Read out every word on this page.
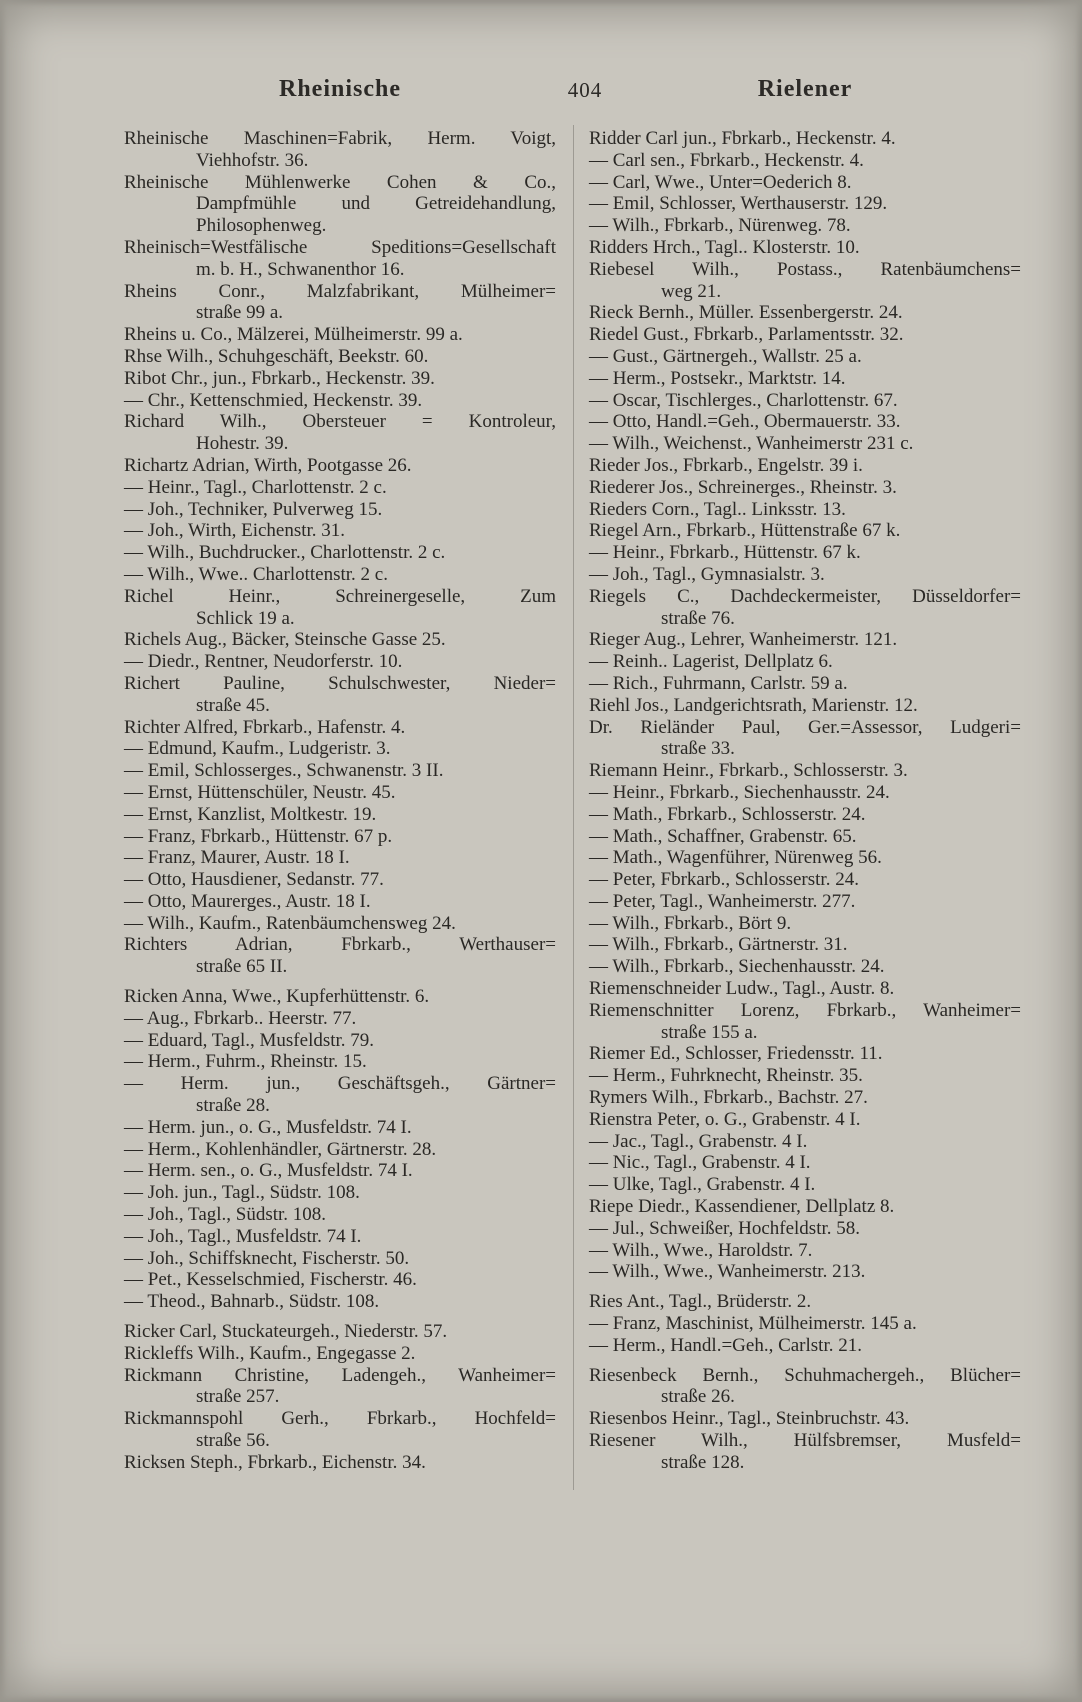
Rheinische	404	Rielener
Rheinische Maschinen=Fabrik, Herm. Voigt,
Viehhofstr. 36.
Rheinische Mühlenwerke Cohen & Co.,
Dampfmühle und Getreidehandlung,
Philosophenweg.
Rheinisch=Westfälische Speditions=Gesellschaft
m. b. H., Schwanenthor 16.
Rheins Conr., Malzfabrikant, Mülheimer=
straße 99 a.
Rheins u. Co., Mälzerei, Mülheimerstr. 99 a.
Rhse Wilh., Schuhgeschäft, Beekstr. 60.
Ribot Chr., jun., Fbrkarb., Heckenstr. 39.
— Chr., Kettenschmied, Heckenstr. 39.
Richard Wilh., Obersteuer = Kontroleur,
Hohestr. 39.
Richartz Adrian, Wirth, Pootgasse 26.
— Heinr., Tagl., Charlottenstr. 2 c.
— Joh., Techniker, Pulverweg 15.
— Joh., Wirth, Eichenstr. 31.
— Wilh., Buchdrucker., Charlottenstr. 2 c.
— Wilh., Wwe.. Charlottenstr. 2 c.
Richel Heinr., Schreinergeselle, Zum
Schlick 19 a.
Richels Aug., Bäcker, Steinsche Gasse 25.
— Diedr., Rentner, Neudorferstr. 10.
Richert Pauline, Schulschwester, Nieder=
straße 45.
Richter Alfred, Fbrkarb., Hafenstr. 4.
— Edmund, Kaufm., Ludgeristr. 3.
— Emil, Schlosserges., Schwanenstr. 3 II.
— Ernst, Hüttenschüler, Neustr. 45.
— Ernst, Kanzlist, Moltkestr. 19.
— Franz, Fbrkarb., Hüttenstr. 67 p.
— Franz, Maurer, Austr. 18 I.
— Otto, Hausdiener, Sedanstr. 77.
— Otto, Maurerges., Austr. 18 I.
— Wilh., Kaufm., Ratenbäumchensweg 24.
Richters Adrian, Fbrkarb., Werthauser=
straße 65 II.
Ricken Anna, Wwe., Kupferhüttenstr. 6.
— Aug., Fbrkarb.. Heerstr. 77.
— Eduard, Tagl., Musfeldstr. 79.
— Herm., Fuhrm., Rheinstr. 15.
— Herm. jun., Geschäftsgeh., Gärtner=
straße 28.
— Herm. jun., o. G., Musfeldstr. 74 I.
— Herm., Kohlenhändler, Gärtnerstr. 28.
— Herm. sen., o. G., Musfeldstr. 74 I.
— Joh. jun., Tagl., Südstr. 108.
— Joh., Tagl., Südstr. 108.
— Joh., Tagl., Musfeldstr. 74 I.
— Joh., Schiffsknecht, Fischerstr. 50.
— Pet., Kesselschmied, Fischerstr. 46.
— Theod., Bahnarb., Südstr. 108.
Ricker Carl, Stuckateurgeh., Niederstr. 57.
Rickleffs Wilh., Kaufm., Engegasse 2.
Rickmann Christine, Ladengeh., Wanheimer=
straße 257.
Rickmannspohl Gerh., Fbrkarb., Hochfeld=
straße 56.
Ricksen Steph., Fbrkarb., Eichenstr. 34.
Ridder Carl jun., Fbrkarb., Heckenstr. 4.
— Carl sen., Fbrkarb., Heckenstr. 4.
— Carl, Wwe., Unter=Oederich 8.
— Emil, Schlosser, Werthauserstr. 129.
— Wilh., Fbrkarb., Nürenweg. 78.
Ridders Hrch., Tagl.. Klosterstr. 10.
Riebesel Wilh., Postass., Ratenbäumchens=
weg 21.
Rieck Bernh., Müller. Essenbergerstr. 24.
Riedel Gust., Fbrkarb., Parlamentsstr. 32.
— Gust., Gärtnergeh., Wallstr. 25 a.
— Herm., Postsekr., Marktstr. 14.
— Oscar, Tischlerges., Charlottenstr. 67.
— Otto, Handl.=Geh., Obermauerstr. 33.
— Wilh., Weichenst., Wanheimerstr 231 c.
Rieder Jos., Fbrkarb., Engelstr. 39 i.
Riederer Jos., Schreinerges., Rheinstr. 3.
Rieders Corn., Tagl.. Linksstr. 13.
Riegel Arn., Fbrkarb., Hüttenstraße 67 k.
— Heinr., Fbrkarb., Hüttenstr. 67 k.
— Joh., Tagl., Gymnasialstr. 3.
Riegels C., Dachdeckermeister, Düsseldorfer=
straße 76.
Rieger Aug., Lehrer, Wanheimerstr. 121.
— Reinh.. Lagerist, Dellplatz 6.
— Rich., Fuhrmann, Carlstr. 59 a.
Riehl Jos., Landgerichtsrath, Marienstr. 12.
Dr. Rieländer Paul, Ger.=Assessor, Ludgeri=
straße 33.
Riemann Heinr., Fbrkarb., Schlosserstr. 3.
— Heinr., Fbrkarb., Siechenhausstr. 24.
— Math., Fbrkarb., Schlosserstr. 24.
— Math., Schaffner, Grabenstr. 65.
— Math., Wagenführer, Nürenweg 56.
— Peter, Fbrkarb., Schlosserstr. 24.
— Peter, Tagl., Wanheimerstr. 277.
— Wilh., Fbrkarb., Bört 9.
— Wilh., Fbrkarb., Gärtnerstr. 31.
— Wilh., Fbrkarb., Siechenhausstr. 24.
Riemenschneider Ludw., Tagl., Austr. 8.
Riemenschnitter Lorenz, Fbrkarb., Wanheimer=
straße 155 a.
Riemer Ed., Schlosser, Friedensstr. 11.
— Herm., Fuhrknecht, Rheinstr. 35.
Rymers Wilh., Fbrkarb., Bachstr. 27.
Rienstra Peter, o. G., Grabenstr. 4 I.
— Jac., Tagl., Grabenstr. 4 I.
— Nic., Tagl., Grabenstr. 4 I.
— Ulke, Tagl., Grabenstr. 4 I.
Riepe Diedr., Kassendiener, Dellplatz 8.
— Jul., Schweißer, Hochfeldstr. 58.
— Wilh., Wwe., Haroldstr. 7.
— Wilh., Wwe., Wanheimerstr. 213.
Ries Ant., Tagl., Brüderstr. 2.
— Franz, Maschinist, Mülheimerstr. 145 a.
— Herm., Handl.=Geh., Carlstr. 21.
Riesenbeck Bernh., Schuhmachergeh., Blücher=
straße 26.
Riesenbos Heinr., Tagl., Steinbruchstr. 43.
Riesener Wilh., Hülfsbremser, Musfeld=
straße 128.
